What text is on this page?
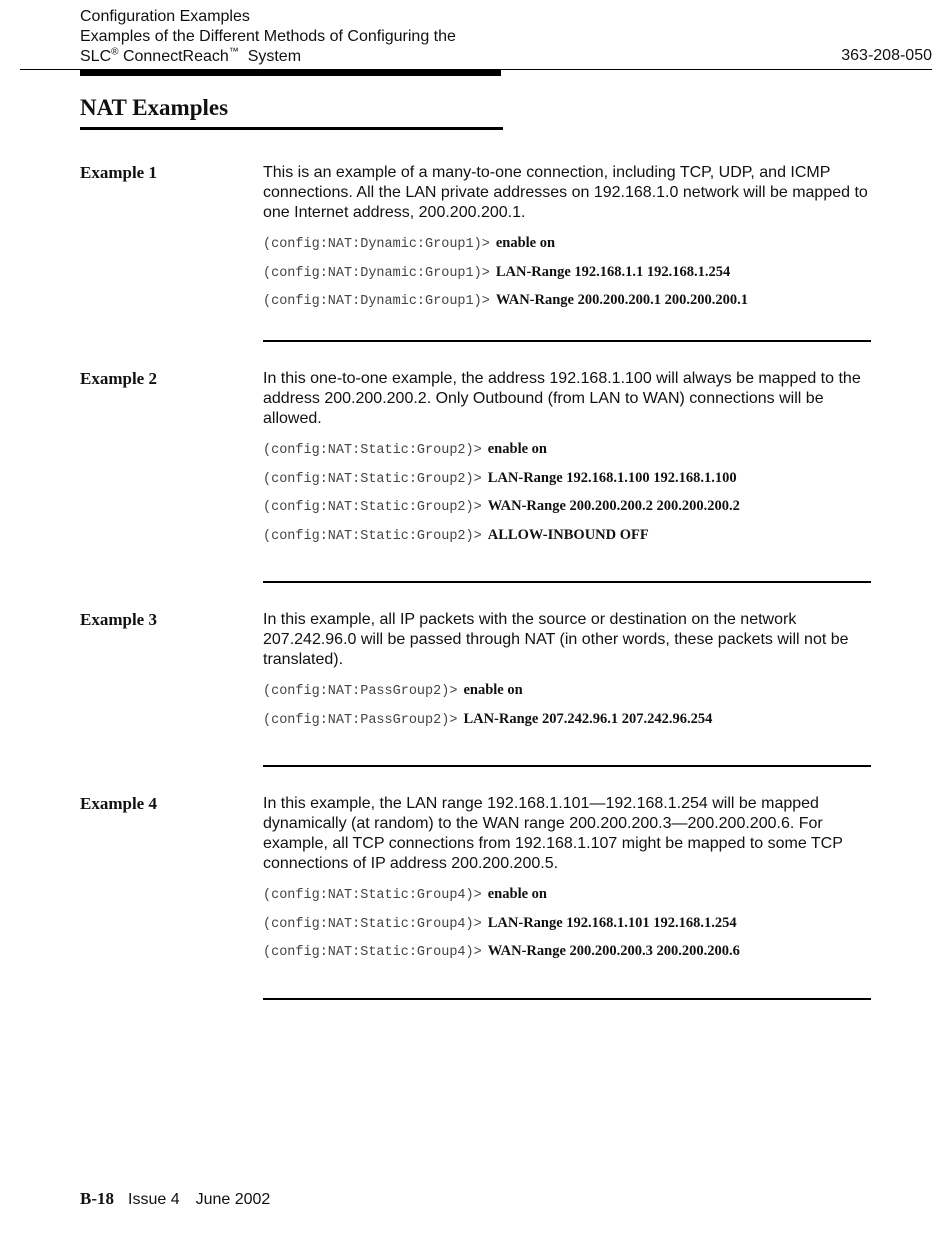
Configuration Examples
Examples of the Different Methods of Configuring the
SLC® ConnectReach™  System	363-208-050
NAT Examples
Example 1	This is an example of a many-to-one connection, including TCP, UDP, and ICMP connections. All the LAN private addresses on 192.168.1.0 network will be mapped to one Internet address, 200.200.200.1.

(config:NAT:Dynamic:Group1)> enable on
(config:NAT:Dynamic:Group1)> LAN-Range 192.168.1.1 192.168.1.254
(config:NAT:Dynamic:Group1)> WAN-Range 200.200.200.1 200.200.200.1
Example 2	In this one-to-one example, the address 192.168.1.100 will always be mapped to the address 200.200.200.2. Only Outbound (from LAN to WAN) connections will be allowed.

(config:NAT:Static:Group2)> enable on
(config:NAT:Static:Group2)> LAN-Range 192.168.1.100 192.168.1.100
(config:NAT:Static:Group2)> WAN-Range 200.200.200.2 200.200.200.2
(config:NAT:Static:Group2)> ALLOW-INBOUND OFF
Example 3	In this example, all IP packets with the source or destination on the network 207.242.96.0 will be passed through NAT (in other words, these packets will not be translated).

(config:NAT:PassGroup2)> enable on
(config:NAT:PassGroup2)> LAN-Range 207.242.96.1 207.242.96.254
Example 4	In this example, the LAN range 192.168.1.101—192.168.1.254 will be mapped dynamically (at random) to the WAN range 200.200.200.3—200.200.200.6. For example, all TCP connections from 192.168.1.107 might be mapped to some TCP connections of IP address 200.200.200.5.

(config:NAT:Static:Group4)> enable on
(config:NAT:Static:Group4)> LAN-Range 192.168.1.101 192.168.1.254
(config:NAT:Static:Group4)> WAN-Range 200.200.200.3 200.200.200.6
B-18 Issue 4 June 2002
